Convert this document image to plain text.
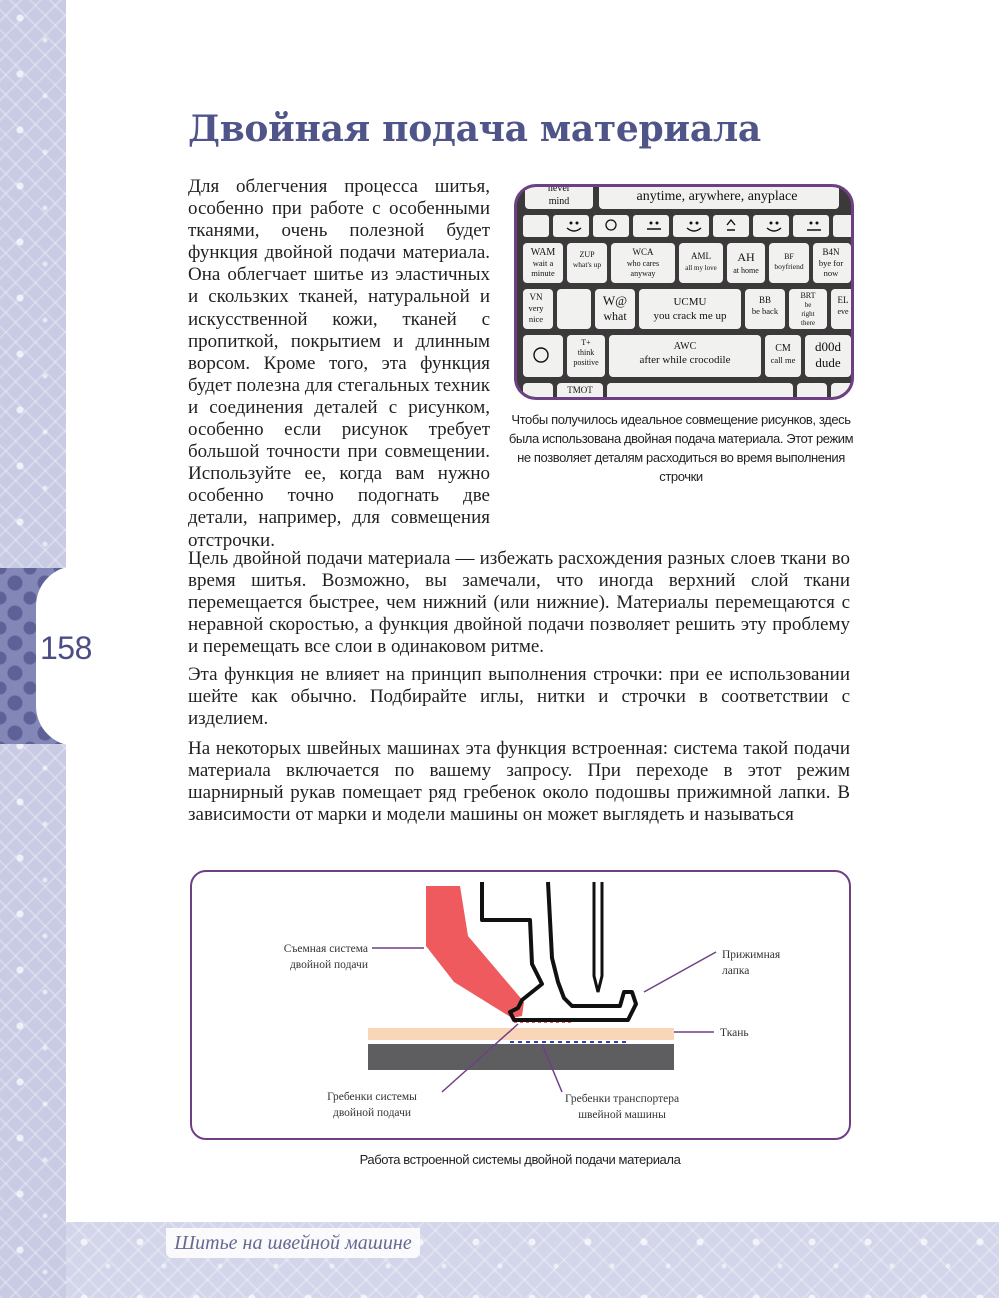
Шитье на швейной машине
158
Двойная подача материала

Для облегчения процесса шитья, особенно при работе с особенными тканями, очень полезной будет функция двойной подачи материала. Она облегчает шитье из эластичных и скользких тканей, натуральной и искусственной кожи, тканей с пропиткой, покрытием и длинным ворсом. Кроме того, эта функция будет полезна для стегальных техник и соединения деталей с рисунком, особенно если рисунок требует большой точности при совмещении. Используйте ее, когда вам нужно особенно точно подогнать две детали, например, для совмещения отстрочки.

never
mind	anytime, arywhere, anyplace
WAM
wait a
minute
ZUP
what's up
WCA
who cares
anyway
AML
all my love
AH
at home
BF
boyfriend
B4N
bye for
now
VN
very
nice
W@
what
UCMU
you crack me up
BB
be back
BRT
be
right
there
EL
eve
T+
think
positive
AWC
after while crocodile
CM
call me
d00d
dude
TMOT

Чтобы получилось идеальное совмещение рисунков, здесь была использована двойная подача материала. Этот режим не позволяет деталям расходиться во время выполнения строчки

Цель двойной подачи материала — избежать расхождения разных слоев ткани во время шитья. Возможно, вы замечали, что иногда верхний слой ткани перемещается быстрее, чем нижний (или нижние). Материалы перемещаются с неравной скоростью, а функция двойной подачи позволяет решить эту проблему и перемещать все слои в одинаковом ритме.

Эта функция не влияет на принцип выполнения строчки: при ее использовании шейте как обычно. Подбирайте иглы, нитки и строчки в соответствии с изделием.

На некоторых швейных машинах эта функция встроенная: система такой подачи материала включается по вашему запросу. При переходе в этот режим шарнирный рукав помещает ряд гребенок около подошвы прижимной лапки. В зависимости от марки и модели машины он может выглядеть и называться

Съемная система
двойной подачи
Прижимная
лапка
Ткань
Гребенки системы
двойной подачи
Гребенки транспортера
швейной машины

Работа встроенной системы двойной подачи материала
